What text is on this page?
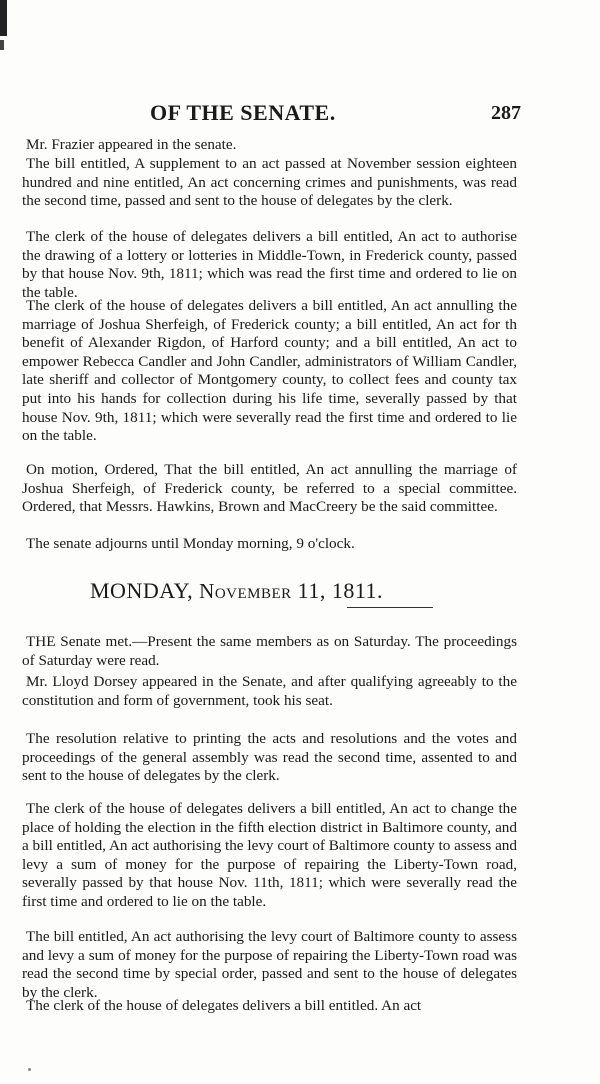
OF THE SENATE.	287

Mr. Frazier appeared in the senate.

The bill entitled, A supplement to an act passed at November session eighteen hundred and nine entitled, An act concerning crimes and punishments, was read the second time, passed and sent to the house of delegates by the clerk.

The clerk of the house of delegates delivers a bill entitled, An act to authorise the drawing of a lottery or lotteries in Middle-Town, in Frederick county, passed by that house Nov. 9th, 1811; which was read the first time and ordered to lie on the table.

The clerk of the house of delegates delivers a bill entitled, An act annulling the marriage of Joshua Sherfeigh, of Frederick county; a bill entitled, An act for th benefit of Alexander Rigdon, of Harford county; and a bill entitled, An act to empower Rebecca Candler and John Candler, administrators of William Candler, late sheriff and collector of Montgomery county, to collect fees and county tax put into his hands for collection during his life time, severally passed by that house Nov. 9th, 1811; which were severally read the first time and ordered to lie on the table.

On motion, Ordered, That the bill entitled, An act annulling the marriage of Joshua Sherfeigh, of Frederick county, be referred to a special committee. Ordered, that Messrs. Hawkins, Brown and MacCreery be the said committee.

The senate adjourns until Monday morning, 9 o'clock.

MONDAY, November 11, 1811.

THE Senate met.—Present the same members as on Saturday. The proceedings of Saturday were read.

Mr. Lloyd Dorsey appeared in the Senate, and after qualifying agreeably to the constitution and form of government, took his seat.

The resolution relative to printing the acts and resolutions and the votes and proceedings of the general assembly was read the second time, assented to and sent to the house of delegates by the clerk.

The clerk of the house of delegates delivers a bill entitled, An act to change the place of holding the election in the fifth election district in Baltimore county, and a bill entitled, An act authorising the levy court of Baltimore county to assess and levy a sum of money for the purpose of repairing the Liberty-Town road, severally passed by that house Nov. 11th, 1811; which were severally read the first time and ordered to lie on the table.

The bill entitled, An act authorising the levy court of Baltimore county to assess and levy a sum of money for the purpose of repairing the Liberty-Town road was read the second time by special order, passed and sent to the house of delegates by the clerk.

The clerk of the house of delegates delivers a bill entitled. An act
